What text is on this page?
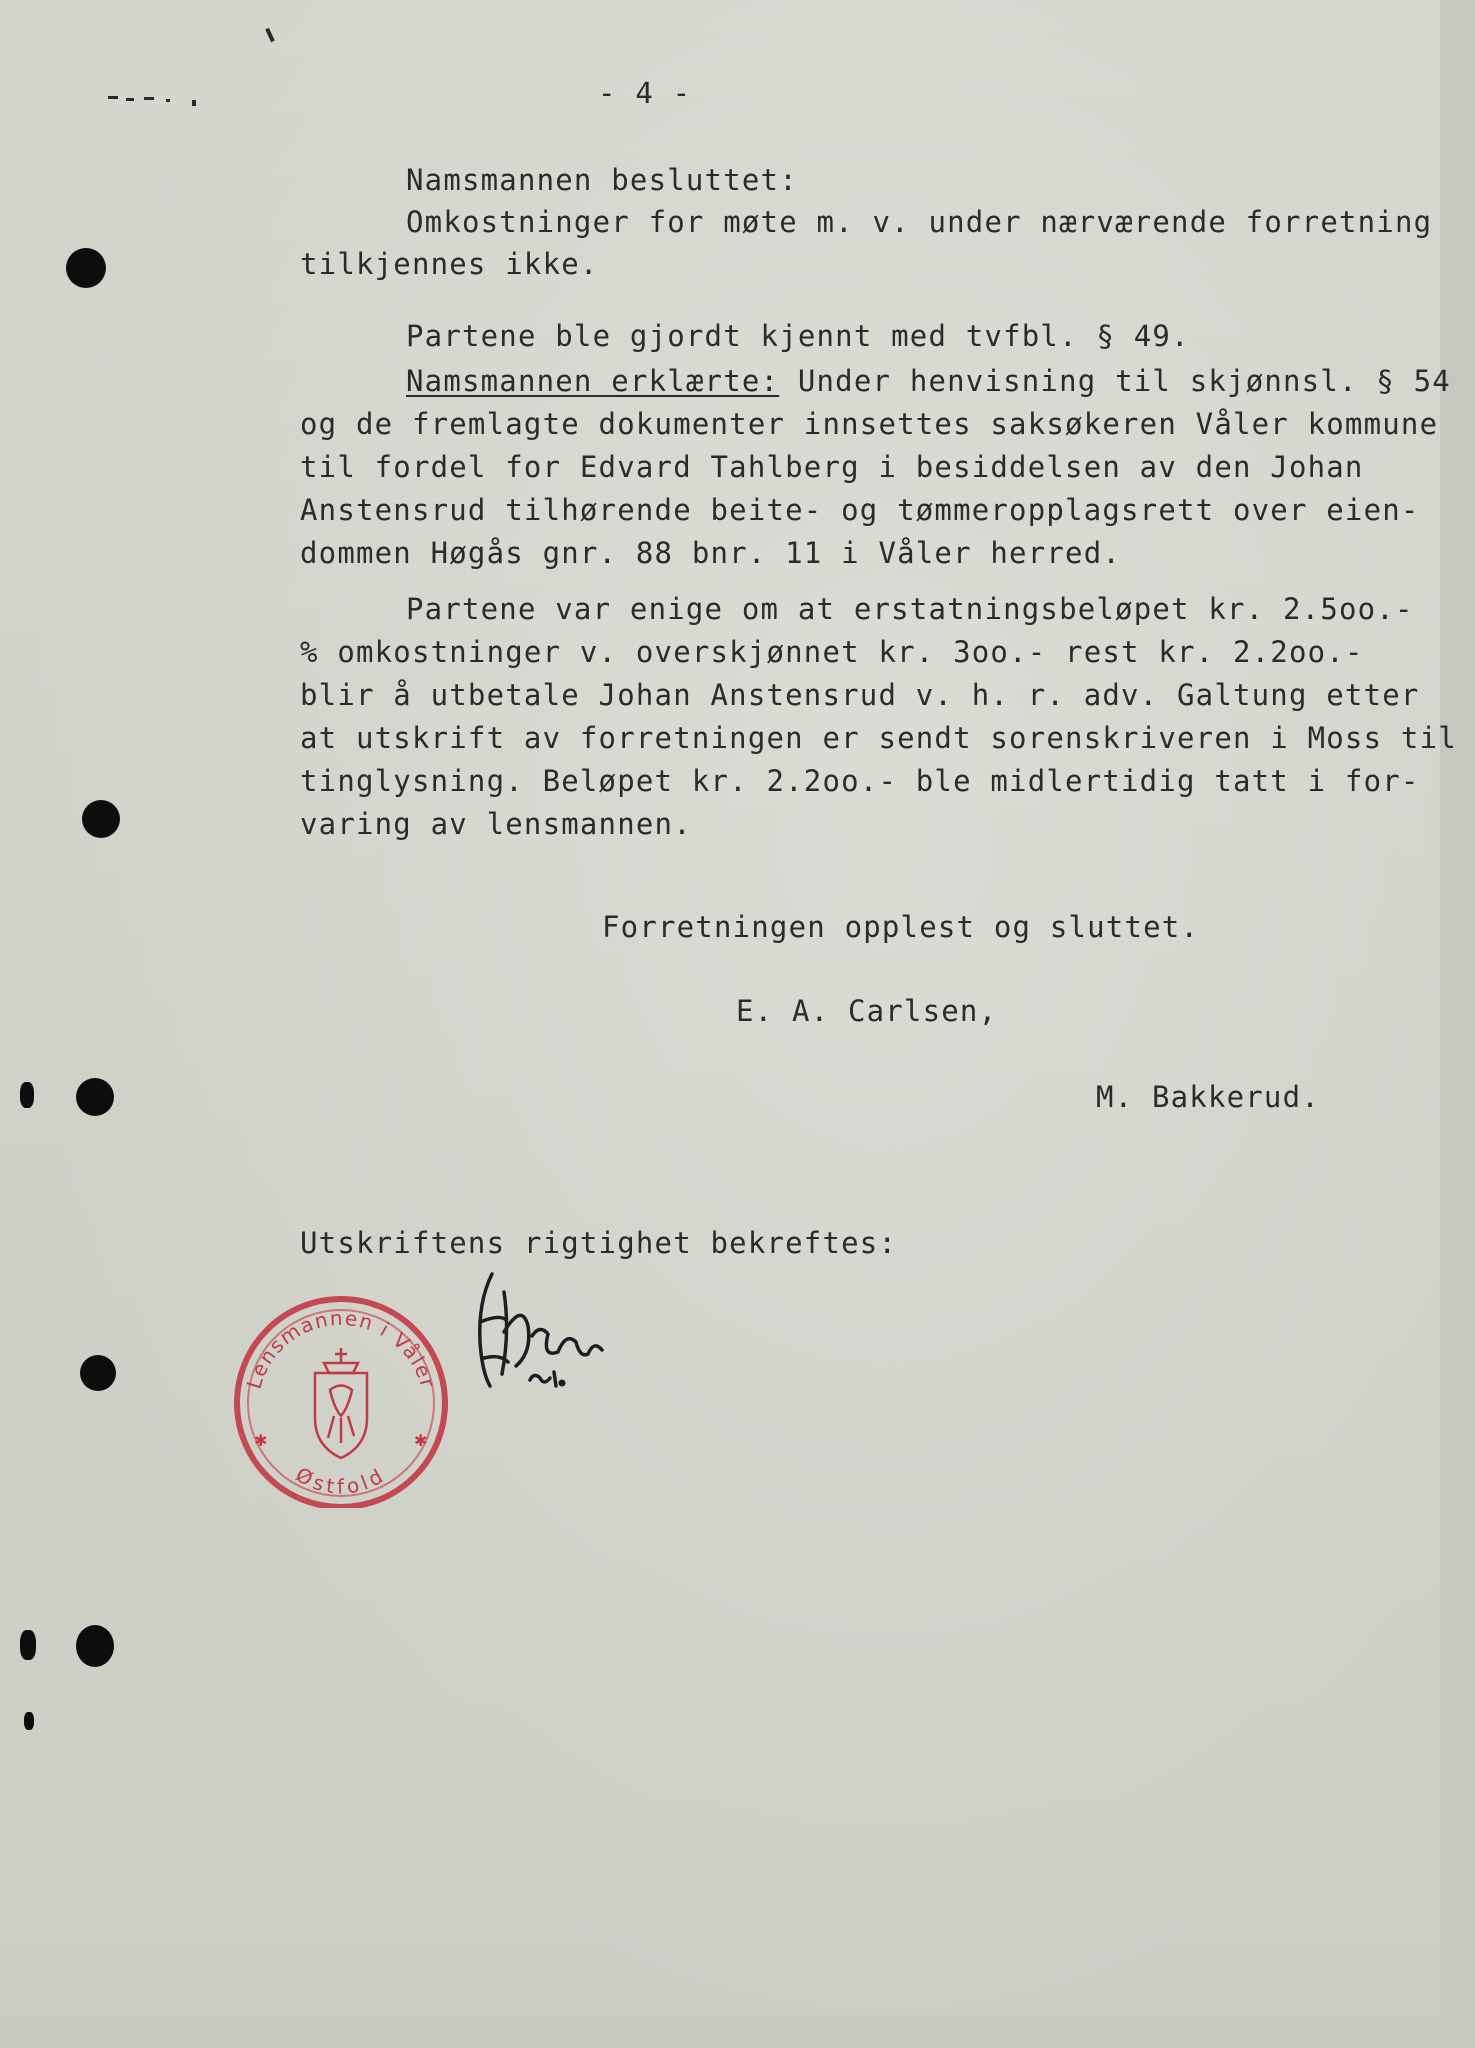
- 4 -
Namsmannen besluttet:
Omkostninger for møte m. v. under nærværende forretning
tilkjennes ikke.
Partene ble gjordt kjennt med tvfbl. § 49.
Namsmannen erklærte: Under henvisning til skjønnsl. § 54
og de fremlagte dokumenter innsettes saksøkeren Våler kommune
til fordel for Edvard Tahlberg i besiddelsen av den Johan
Anstensrud tilhørende beite- og tømmeropplagsrett over eien-
dommen Høgås gnr. 88 bnr. 11 i Våler herred.
Partene var enige om at erstatningsbeløpet kr. 2.5oo.-
% omkostninger v. overskjønnet kr. 3oo.- rest kr. 2.2oo.-
blir å utbetale Johan Anstensrud v. h. r. adv. Galtung etter
at utskrift av forretningen er sendt sorenskriveren i Moss til
tinglysning. Beløpet kr. 2.2oo.- ble midlertidig tatt i for-
varing av lensmannen.
Forretningen opplest og sluttet.
E. A. Carlsen,
M. Bakkerud.
Utskriftens rigtighet bekreftes:
Lensmannen i Våler
Østfold
✱	✱
